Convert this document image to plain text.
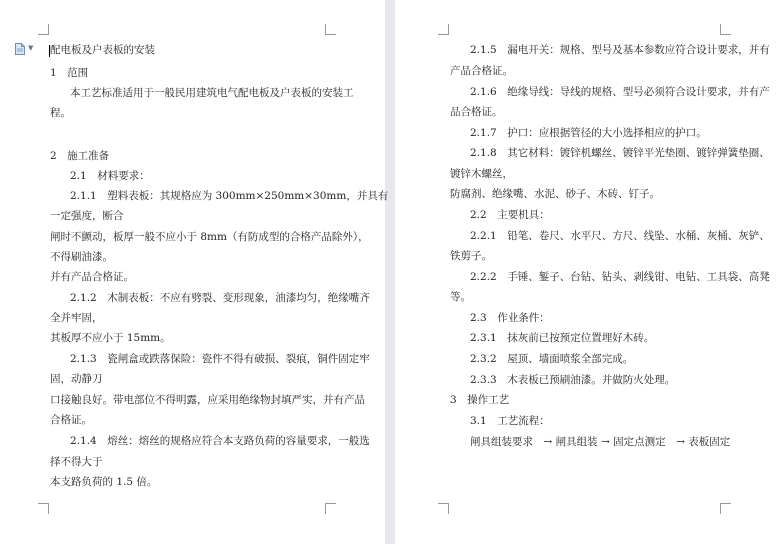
▼ 配电板及户表板的安装
1　范围
本工艺标准适用于一般民用建筑电气配电板及户表板的安装工
程。
2　施工准备
2.1　材料要求：
2.1.1　塑料表板：其规格应为 300mm×250mm×30mm，并具有
一定强度，断合
闸时不颤动，板厚一般不应小于 8mm（有防成型的合格产品除外），
不得刷油漆。
并有产品合格证。
2.1.2　木制表板：不应有劈裂、变形现象，油漆均匀，绝缘嘴齐
全并牢固，
其板厚不应小于 15mm。
2.1.3　瓷闸盒或跌落保险：瓷件不得有破损、裂痕，铜件固定牢
固，动静刀
口接触良好。带电部位不得明露，应采用绝缘物封填严实，并有产品
合格证。
2.1.4　熔丝：熔丝的规格应符合本支路负荷的容量要求，一般选
择不得大于
本支路负荷的 1.5 倍。
2.1.5　漏电开关：规格、型号及基本参数应符合设计要求，并有
产品合格证。
2.1.6　绝缘导线：导线的规格、型号必须符合设计要求，并有产
品合格证。
2.1.7　护口：应根据管径的大小选择相应的护口。
2.1.8　其它材料：镀锌机螺丝、镀锌平光垫圈、镀锌弹簧垫圈、
镀锌木螺丝，
防腐剂、绝缘嘴、水泥、砂子、木砖、钉子。
2.2　主要机具：
2.2.1　铅笔、卷尺、水平尺、方尺、线坠、水桶、灰桶、灰铲、
铁剪子。
2.2.2　手锤、錾子、台钻、钻头、剥线钳、电钻、工具袋、高凳
等。
2.3　作业条件：
2.3.1　抹灰前已按预定位置埋好木砖。
2.3.2　屋顶、墙面喷浆全部完成。
2.3.3　木表板已预刷油漆。并做防火处理。
3　操作工艺
3.1　工艺流程：
闸具组装要求　→ 闸具组装 → 固定点测定　→ 表板固定
